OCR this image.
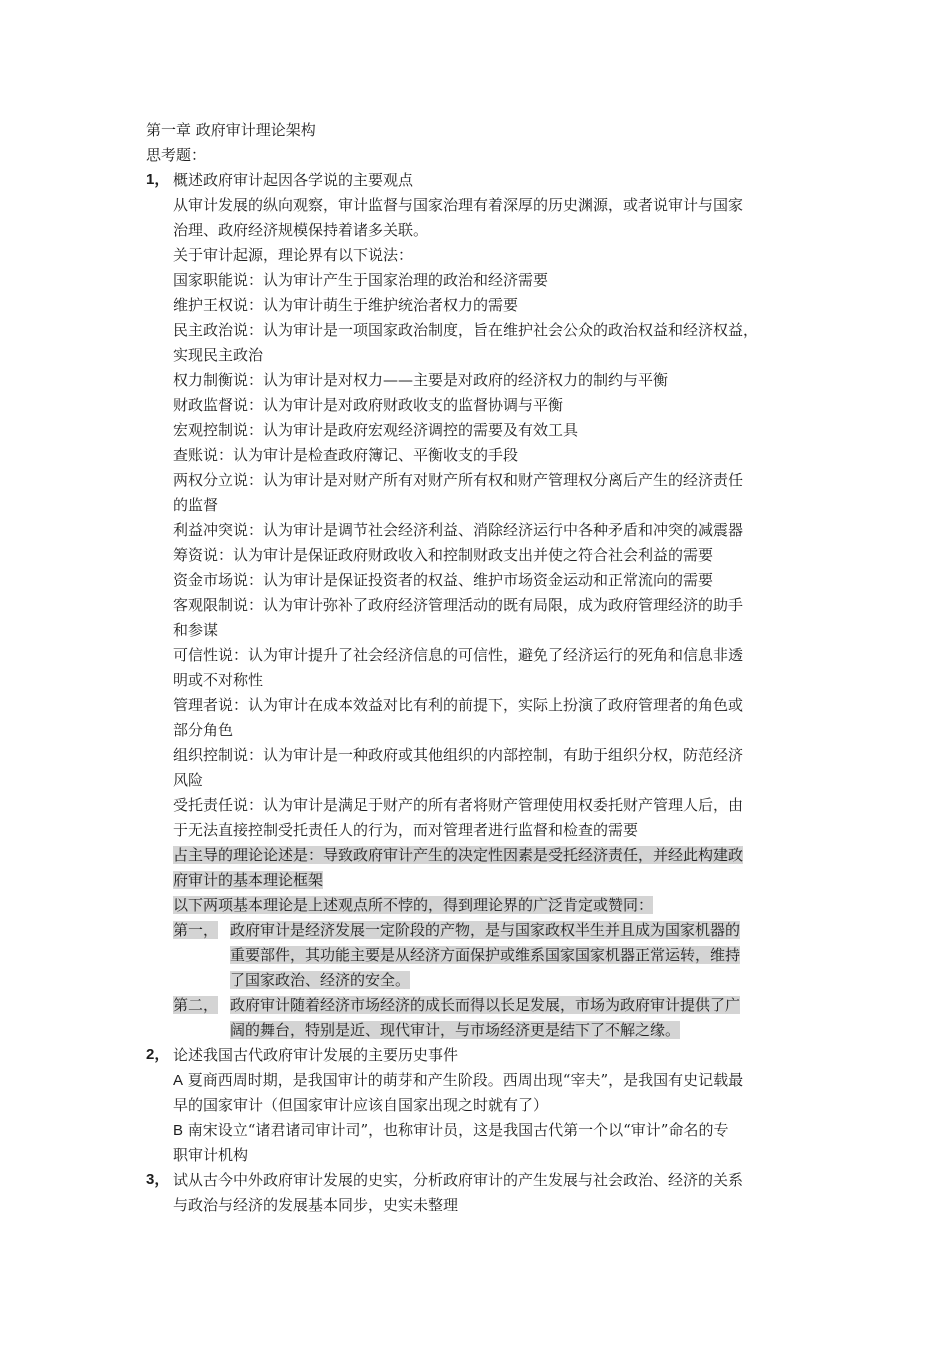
第一章 政府审计理论架构
思考题：
1， 概述政府审计起因各学说的主要观点
从审计发展的纵向观察，审计监督与国家治理有着深厚的历史渊源，或者说审计与国家
治理、政府经济规模保持着诸多关联。
关于审计起源，理论界有以下说法：
国家职能说：认为审计产生于国家治理的政治和经济需要
维护王权说：认为审计萌生于维护统治者权力的需要
民主政治说：认为审计是一项国家政治制度，旨在维护社会公众的政治权益和经济权益，
实现民主政治
权力制衡说：认为审计是对权力——主要是对政府的经济权力的制约与平衡
财政监督说：认为审计是对政府财政收支的监督协调与平衡
宏观控制说：认为审计是政府宏观经济调控的需要及有效工具
查账说：认为审计是检查政府簿记、平衡收支的手段
两权分立说：认为审计是对财产所有对财产所有权和财产管理权分离后产生的经济责任
的监督
利益冲突说：认为审计是调节社会经济利益、消除经济运行中各种矛盾和冲突的减震器
筹资说：认为审计是保证政府财政收入和控制财政支出并使之符合社会利益的需要
资金市场说：认为审计是保证投资者的权益、维护市场资金运动和正常流向的需要
客观限制说：认为审计弥补了政府经济管理活动的既有局限，成为政府管理经济的助手
和参谋
可信性说：认为审计提升了社会经济信息的可信性，避免了经济运行的死角和信息非透
明或不对称性
管理者说：认为审计在成本效益对比有利的前提下，实际上扮演了政府管理者的角色或
部分角色
组织控制说：认为审计是一种政府或其他组织的内部控制，有助于组织分权，防范经济
风险
受托责任说：认为审计是满足于财产的所有者将财产管理使用权委托财产管理人后，由
于无法直接控制受托责任人的行为，而对管理者进行监督和检查的需要
占主导的理论论述是：导致政府审计产生的决定性因素是受托经济责任，并经此构建政
府审计的基本理论框架
以下两项基本理论是上述观点所不悖的，得到理论界的广泛肯定或赞同：
第一， 政府审计是经济发展一定阶段的产物，是与国家政权半生并且成为国家机器的
重要部件，其功能主要是从经济方面保护或维系国家国家机器正常运转，维持
了国家政治、经济的安全。
第二， 政府审计随着经济市场经济的成长而得以长足发展，市场为政府审计提供了广
阔的舞台，特别是近、现代审计，与市场经济更是结下了不解之缘。
2， 论述我国古代政府审计发展的主要历史事件
A 夏商西周时期，是我国审计的萌芽和产生阶段。西周出现“宰夫”，是我国有史记载最
早的国家审计（但国家审计应该自国家出现之时就有了）
B 南宋设立“诸君诸司审计司”，也称审计员，这是我国古代第一个以“审计”命名的专
职审计机构
3， 试从古今中外政府审计发展的史实，分析政府审计的产生发展与社会政治、经济的关系
与政治与经济的发展基本同步，史实未整理
